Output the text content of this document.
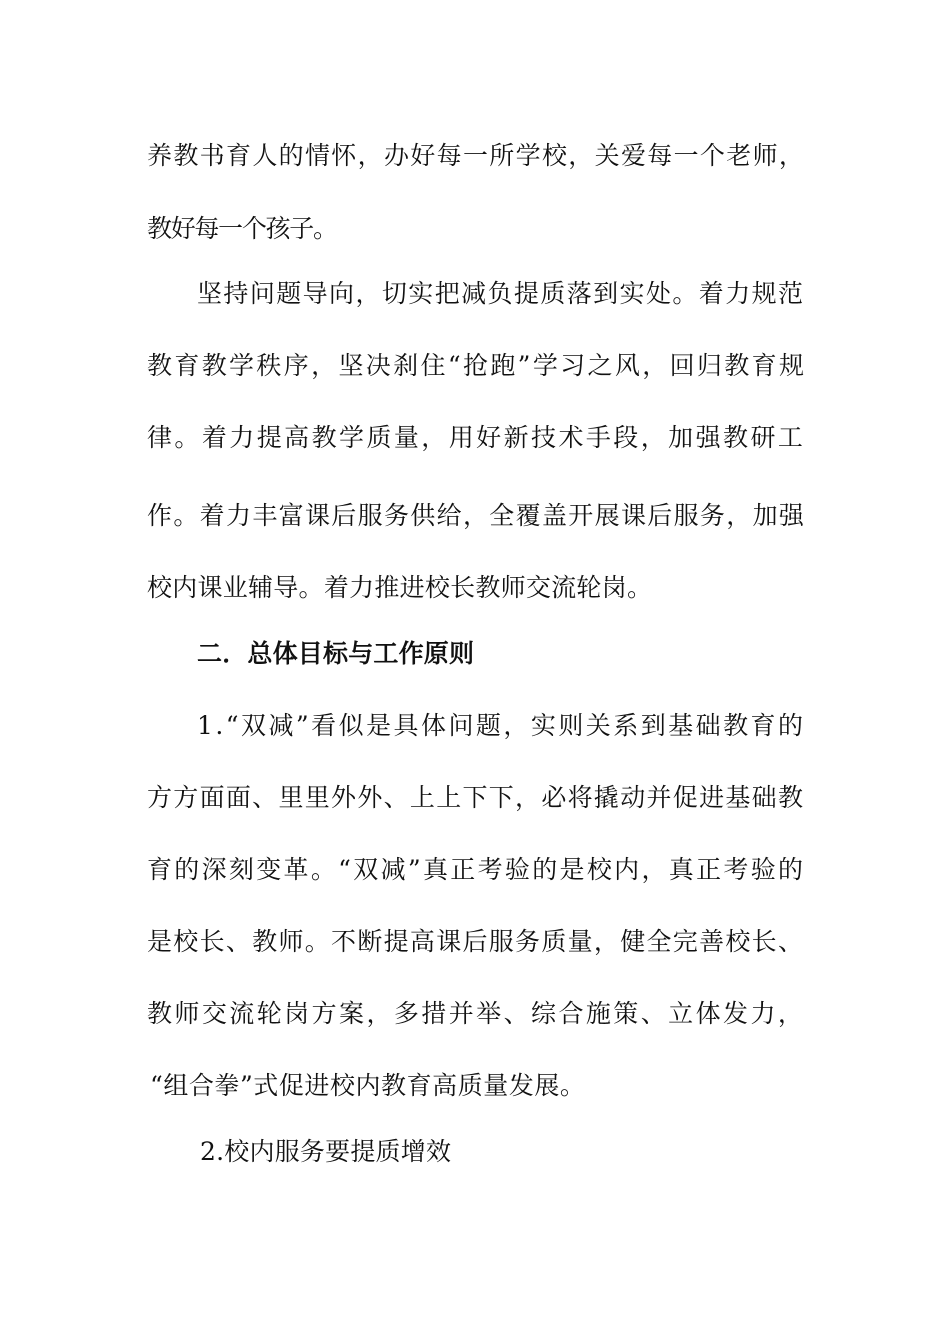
养教书育人的情怀，办好每一所学校，关爱每一个老师，
教好每一个孩子。
坚持问题导向，切实把减负提质落到实处。着力规范
教育教学秩序，坚决刹住“抢跑”学习之风，回归教育规
律。着力提高教学质量，用好新技术手段，加强教研工
作。着力丰富课后服务供给，全覆盖开展课后服务，加强
校内课业辅导。着力推进校长教师交流轮岗。
二．总体目标与工作原则
1.“双减”看似是具体问题，实则关系到基础教育的
方方面面、里里外外、上上下下，必将撬动并促进基础教
育的深刻变革。“双减”真正考验的是校内，真正考验的
是校长、教师。不断提高课后服务质量，健全完善校长、
教师交流轮岗方案，多措并举、综合施策、立体发力，
“组合拳”式促进校内教育高质量发展。
2.校内服务要提质增效
